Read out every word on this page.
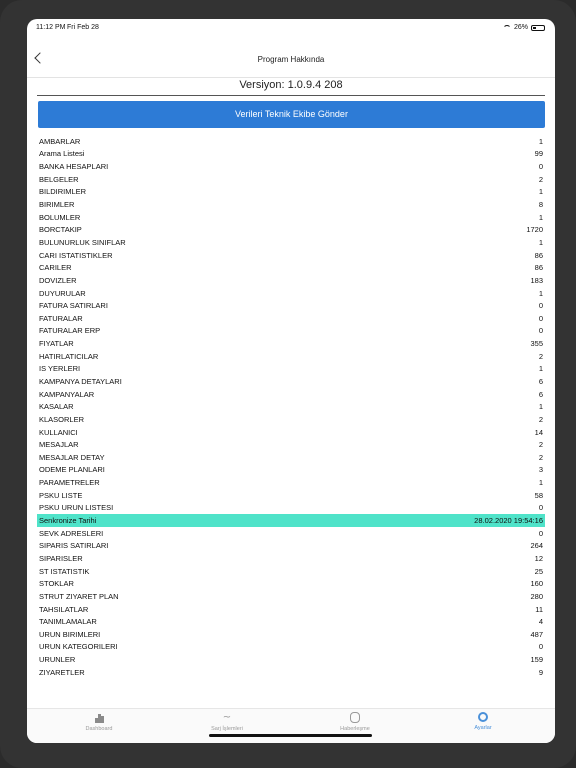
11:12 PM Fri Feb 28	26%
Program Hakkında
Versiyon: 1.0.9.4 208
Verileri Teknik Ekibe Gönder
AMBARLAR	1
Arama Listesi	99
BANKA HESAPLARI	0
BELGELER	2
BILDIRIMLER	1
BIRIMLER	8
BOLUMLER	1
BORCTAKIP	1720
BULUNURLUK SINIFLAR	1
CARI ISTATISTIKLER	86
CARILER	86
DOVIZLER	183
DUYURULAR	1
FATURA SATIRLARI	0
FATURALAR	0
FATURALAR ERP	0
FIYATLAR	355
HATIRLATICILAR	2
IS YERLERI	1
KAMPANYA DETAYLARI	6
KAMPANYALAR	6
KASALAR	1
KLASORLER	2
KULLANICI	14
MESAJLAR	2
MESAJLAR DETAY	2
ODEME PLANLARI	3
PARAMETRELER	1
PSKU LISTE	58
PSKU URUN LISTESI	0
Senkronize Tarihi	28.02.2020 19:54:16
SEVK ADRESLERI	0
SIPARIS SATIRLARI	264
SIPARISLER	12
ST ISTATISTIK	25
STOKLAR	160
STRUT ZIYARET PLAN	280
TAHSILATLAR	11
TANIMLAMALAR	4
URUN BIRIMLERI	487
URUN KATEGORILERI	0
URUNLER	159
ZIYARETLER	9
Dashboard
~
Sarj İşlemleri	Haberleşme	Ayarlar
